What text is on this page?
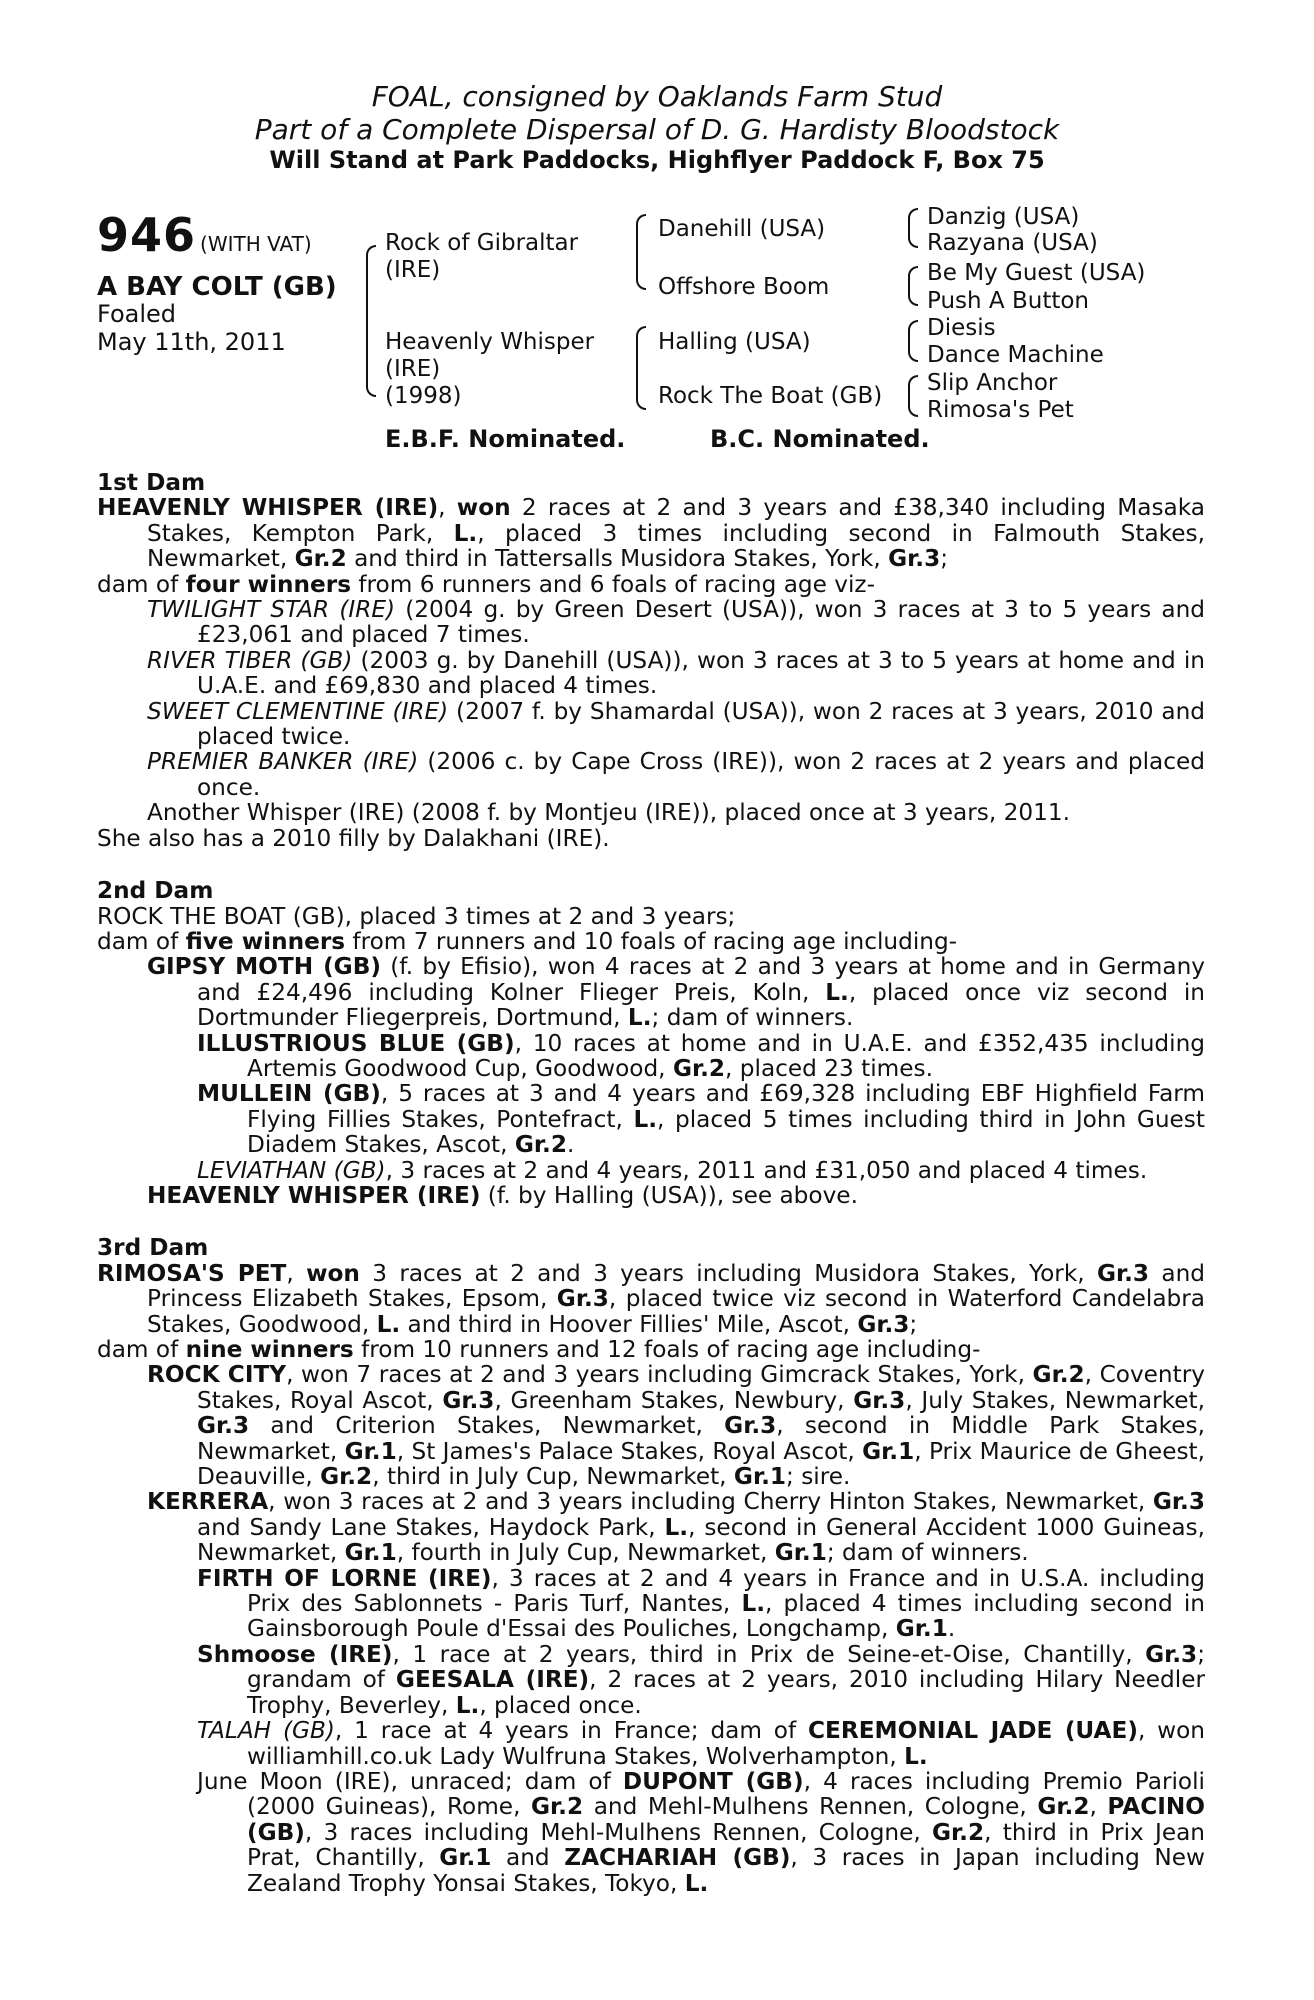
FOAL, consigned by Oaklands Farm Stud
Part of a Complete Dispersal of D. G. Hardisty Bloodstock
Will Stand at Park Paddocks, Highflyer Paddock F, Box 75
946 (WITH VAT)
A BAY COLT (GB)
Foaled
May 11th, 2011
Rock of Gibraltar
(IRE)
Heavenly Whisper
(IRE)
(1998)
Danehill (USA)
Offshore Boom
Halling (USA)
Rock The Boat (GB)
Danzig (USA)
Razyana (USA)
Be My Guest (USA)
Push A Button
Diesis
Dance Machine
Slip Anchor
Rimosa's Pet
E.B.F. Nominated.	B.C. Nominated.
1st Dam
HEAVENLY WHISPER (IRE), won 2 races at 2 and 3 years and £38,340 including Masaka Stakes, Kempton Park, L., placed 3 times including second in Falmouth Stakes, Newmarket, Gr.2 and third in Tattersalls Musidora Stakes, York, Gr.3;
dam of four winners from 6 runners and 6 foals of racing age viz-
TWILIGHT STAR (IRE) (2004 g. by Green Desert (USA)), won 3 races at 3 to 5 years and £23,061 and placed 7 times.
RIVER TIBER (GB) (2003 g. by Danehill (USA)), won 3 races at 3 to 5 years at home and in U.A.E. and £69,830 and placed 4 times.
SWEET CLEMENTINE (IRE) (2007 f. by Shamardal (USA)), won 2 races at 3 years, 2010 and placed twice.
PREMIER BANKER (IRE) (2006 c. by Cape Cross (IRE)), won 2 races at 2 years and placed once.
Another Whisper (IRE) (2008 f. by Montjeu (IRE)), placed once at 3 years, 2011.
She also has a 2010 filly by Dalakhani (IRE).
2nd Dam
ROCK THE BOAT (GB), placed 3 times at 2 and 3 years;
dam of five winners from 7 runners and 10 foals of racing age including-
GIPSY MOTH (GB) (f. by Efisio), won 4 races at 2 and 3 years at home and in Germany and £24,496 including Kolner Flieger Preis, Koln, L., placed once viz second in Dortmunder Fliegerpreis, Dortmund, L.; dam of winners.
ILLUSTRIOUS BLUE (GB), 10 races at home and in U.A.E. and £352,435 including Artemis Goodwood Cup, Goodwood, Gr.2, placed 23 times.
MULLEIN (GB), 5 races at 3 and 4 years and £69,328 including EBF Highfield Farm Flying Fillies Stakes, Pontefract, L., placed 5 times including third in John Guest Diadem Stakes, Ascot, Gr.2.
LEVIATHAN (GB), 3 races at 2 and 4 years, 2011 and £31,050 and placed 4 times.
HEAVENLY WHISPER (IRE) (f. by Halling (USA)), see above.
3rd Dam
RIMOSA'S PET, won 3 races at 2 and 3 years including Musidora Stakes, York, Gr.3 and Princess Elizabeth Stakes, Epsom, Gr.3, placed twice viz second in Waterford Candelabra Stakes, Goodwood, L. and third in Hoover Fillies' Mile, Ascot, Gr.3;
dam of nine winners from 10 runners and 12 foals of racing age including-
ROCK CITY, won 7 races at 2 and 3 years including Gimcrack Stakes, York, Gr.2, Coventry Stakes, Royal Ascot, Gr.3, Greenham Stakes, Newbury, Gr.3, July Stakes, Newmarket, Gr.3 and Criterion Stakes, Newmarket, Gr.3, second in Middle Park Stakes, Newmarket, Gr.1, St James's Palace Stakes, Royal Ascot, Gr.1, Prix Maurice de Gheest, Deauville, Gr.2, third in July Cup, Newmarket, Gr.1; sire.
KERRERA, won 3 races at 2 and 3 years including Cherry Hinton Stakes, Newmarket, Gr.3 and Sandy Lane Stakes, Haydock Park, L., second in General Accident 1000 Guineas, Newmarket, Gr.1, fourth in July Cup, Newmarket, Gr.1; dam of winners.
FIRTH OF LORNE (IRE), 3 races at 2 and 4 years in France and in U.S.A. including Prix des Sablonnets - Paris Turf, Nantes, L., placed 4 times including second in Gainsborough Poule d'Essai des Pouliches, Longchamp, Gr.1.
Shmoose (IRE), 1 race at 2 years, third in Prix de Seine-et-Oise, Chantilly, Gr.3; grandam of GEESALA (IRE), 2 races at 2 years, 2010 including Hilary Needler Trophy, Beverley, L., placed once.
TALAH (GB), 1 race at 4 years in France; dam of CEREMONIAL JADE (UAE), won williamhill.co.uk Lady Wulfruna Stakes, Wolverhampton, L.
June Moon (IRE), unraced; dam of DUPONT (GB), 4 races including Premio Parioli (2000 Guineas), Rome, Gr.2 and Mehl-Mulhens Rennen, Cologne, Gr.2, PACINO (GB), 3 races including Mehl-Mulhens Rennen, Cologne, Gr.2, third in Prix Jean Prat, Chantilly, Gr.1 and ZACHARIAH (GB), 3 races in Japan including New Zealand Trophy Yonsai Stakes, Tokyo, L.
